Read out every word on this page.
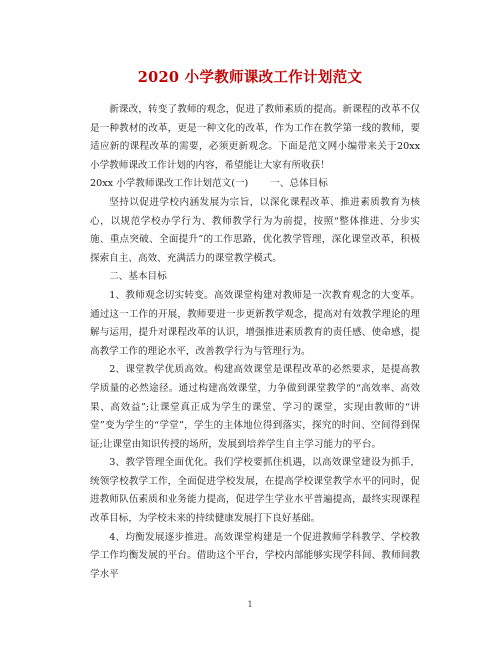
2020 小学教师课改工作计划范文

新课改，转变了教师的观念，促进了教师素质的提高。新课程的改革不仅是一种教材的改革，更是一种文化的改革，作为工作在教学第一线的教师，要适应新的课程改革的需要，必须更新观念。下面是范文网小编带来关于20xx小学教师课改工作计划的内容，希望能让大家有所收获！

20xx 小学教师课改工作计划范文(一) 一、总体目标

坚持以促进学校内涵发展为宗旨，以深化课程改革、推进素质教育为核心，以规范学校办学行为、教师教学行为为前提，按照“整体推进、分步实施、重点突破、全面提升”的工作思路，优化教学管理，深化课堂改革，积极探索自主、高效、充满活力的课堂教学模式。

二、基本目标

1、教师观念切实转变。高效课堂构建对教师是一次教育观念的大变革。通过这一工作的开展，教师要进一步更新教学观念，提高对有效教学理论的理解与运用，提升对课程改革的认识，增强推进素质教育的责任感、使命感，提高教学工作的理论水平，改善教学行为与管理行为。

2、课堂教学优质高效。构建高效课堂是课程改革的必然要求，是提高教学质量的必然途径。通过构建高效课堂，力争做到课堂教学的“高效率、高效果、高效益”;让课堂真正成为学生的课堂、学习的课堂，实现由教师的“讲堂”变为学生的“学堂”，学生的主体地位得到落实，探究的时间、空间得到保证;让课堂由知识传授的场所，发展到培养学生自主学习能力的平台。

3、教学管理全面优化。我们学校要抓住机遇，以高效课堂建设为抓手，统领学校教学工作，全面促进学校发展，在提高学校课堂教学水平的同时，促进教师队伍素质和业务能力提高，促进学生学业水平普遍提高，最终实现课程改革目标，为学校未来的持续健康发展打下良好基础。

4、均衡发展逐步推进。高效课堂构建是一个促进教师学科教学、学校教学工作均衡发展的平台。借助这个平台，学校内部能够实现学科间、教师间教学水平

1
